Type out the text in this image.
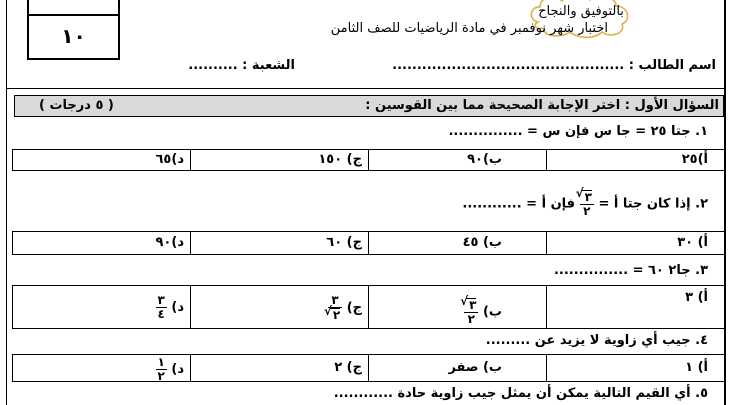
١٠
بالتوفيق والنجاح
اختبار شهر نوفمبر في مادة الرياضيات للصف الثامن
اسم الطالب : ...............................................
الشعبة : ..........
السؤال الأول : اختر الإجابة الصحيحة مما بين القوسين :
( ٥ درجات )
١. جتا ٢٥ = جا س فإن س = ...............
أ)٢٥
ب)٩٠
ج) ١٥٠
د)٦٥
٢. إذا كان جتا أ =
√ $\frac{٣}{٢}$
فإن أ = ............
أ) ٣٠
ب) ٤٥
ج) ٦٠
د)٩٠
٣. جا٢ ٦٠ = ...............
أ) ٣
ب)
√ $\frac{٣}{٢}$
ج)
٣
√ ٢
د)
$\frac{٣}{٤}$
٤. جيب أي زاوية لا يزيد عن .........
أ) ١
ب) صفر
ج) ٢
د)
$\frac{١}{٢}$
٥. أي القيم التالية يمكن أن يمثل جيب زاوية حادة ............
